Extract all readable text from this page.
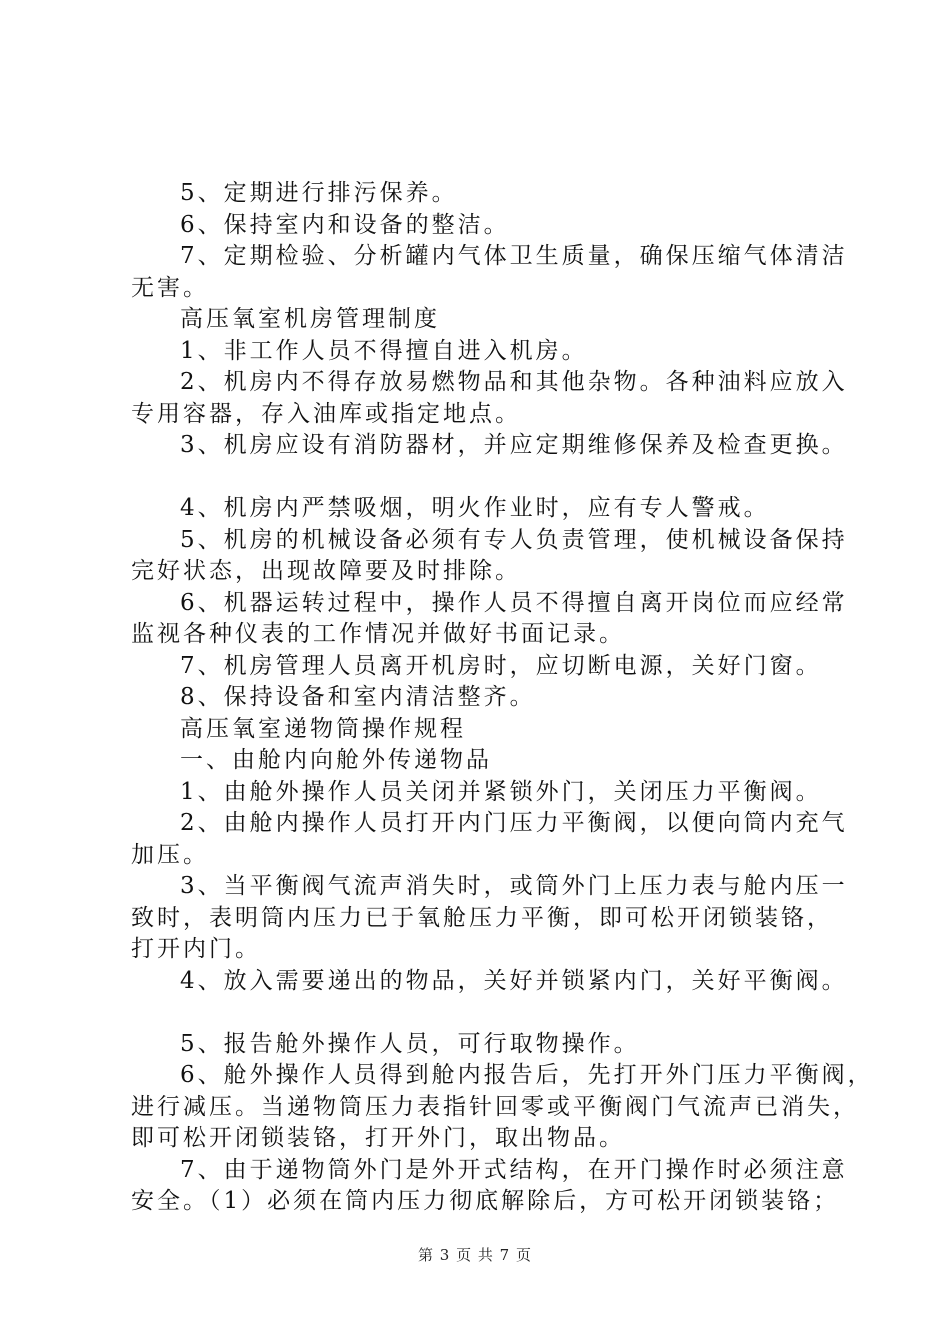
5、定期进行排污保养。
6、保持室内和设备的整洁。
7、定期检验、分析罐内气体卫生质量，确保压缩气体清洁
无害。
高压氧室机房管理制度
1、非工作人员不得擅自进入机房。
2、机房内不得存放易燃物品和其他杂物。各种油料应放入
专用容器，存入油库或指定地点。
3、机房应设有消防器材，并应定期维修保养及检查更换。
4、机房内严禁吸烟，明火作业时，应有专人警戒。
5、机房的机械设备必须有专人负责管理，使机械设备保持
完好状态，出现故障要及时排除。
6、机器运转过程中，操作人员不得擅自离开岗位而应经常
监视各种仪表的工作情况并做好书面记录。
7、机房管理人员离开机房时，应切断电源，关好门窗。
8、保持设备和室内清洁整齐。
高压氧室递物筒操作规程
一、由舱内向舱外传递物品
1、由舱外操作人员关闭并紧锁外门，关闭压力平衡阀。
2、由舱内操作人员打开内门压力平衡阀，以便向筒内充气
加压。
3、当平衡阀气流声消失时，或筒外门上压力表与舱内压一
致时，表明筒内压力已于氧舱压力平衡，即可松开闭锁装铬，
打开内门。
4、放入需要递出的物品，关好并锁紧内门，关好平衡阀。
5、报告舱外操作人员，可行取物操作。
6、舱外操作人员得到舱内报告后，先打开外门压力平衡阀，
进行减压。当递物筒压力表指针回零或平衡阀门气流声已消失，
即可松开闭锁装铬，打开外门，取出物品。
7、由于递物筒外门是外开式结构，在开门操作时必须注意
安全。（1）必须在筒内压力彻底解除后，方可松开闭锁装铬；
第 3 页 共 7 页
